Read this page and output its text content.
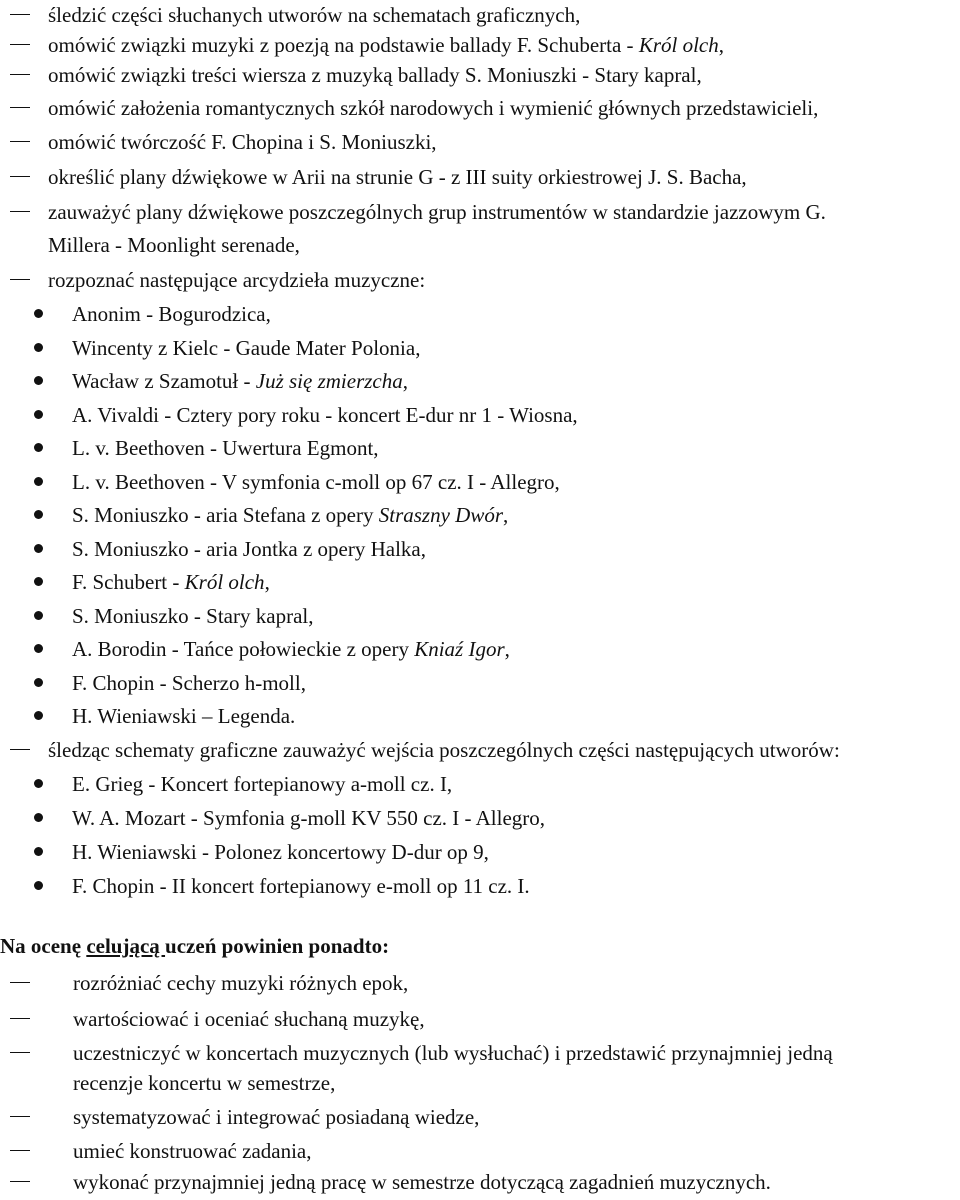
śledzić części słuchanych utworów na schematach graficznych,
omówić związki muzyki z poezją na podstawie ballady F. Schuberta - Król olch,
omówić związki treści wiersza z muzyką ballady S. Moniuszki - Stary kapral,
omówić założenia romantycznych szkół narodowych i wymienić głównych przedstawicieli,
omówić twórczość F. Chopina i S. Moniuszki,
określić plany dźwiękowe w Arii na strunie G - z III suity orkiestrowej J. S. Bacha,
zauważyć plany dźwiękowe poszczególnych grup instrumentów w standardzie jazzowym G.
Millera - Moonlight serenade,
rozpoznać następujące arcydzieła muzyczne:
Anonim - Bogurodzica,
Wincenty z Kielc - Gaude Mater Polonia,
Wacław z Szamotuł - Już się zmierzcha,
A. Vivaldi - Cztery pory roku - koncert E-dur nr 1 - Wiosna,
L. v. Beethoven - Uwertura Egmont,
L. v. Beethoven - V symfonia c-moll op 67 cz. I - Allegro,
S. Moniuszko - aria Stefana z opery Straszny Dwór,
S. Moniuszko - aria Jontka z opery Halka,
F. Schubert - Król olch,
S. Moniuszko - Stary kapral,
A. Borodin - Tańce połowieckie z opery Kniaź Igor,
F. Chopin - Scherzo h-moll,
H. Wieniawski – Legenda.
śledząc schematy graficzne zauważyć wejścia poszczególnych części następujących utworów:
E. Grieg - Koncert fortepianowy a-moll cz. I,
W. A. Mozart - Symfonia g-moll KV 550 cz. I - Allegro,
H. Wieniawski - Polonez koncertowy D-dur op 9,
F. Chopin - II koncert fortepianowy e-moll op 11 cz. I.
Na ocenę celującą uczeń powinien ponadto:
rozróżniać cechy muzyki różnych epok,
wartościować i oceniać słuchaną muzykę,
uczestniczyć w koncertach muzycznych (lub wysłuchać) i przedstawić przynajmniej jedną
recenzje koncertu w semestrze,
systematyzować i integrować posiadaną wiedze,
umieć konstruować zadania,
wykonać przynajmniej jedną pracę w semestrze dotyczącą zagadnień muzycznych.
